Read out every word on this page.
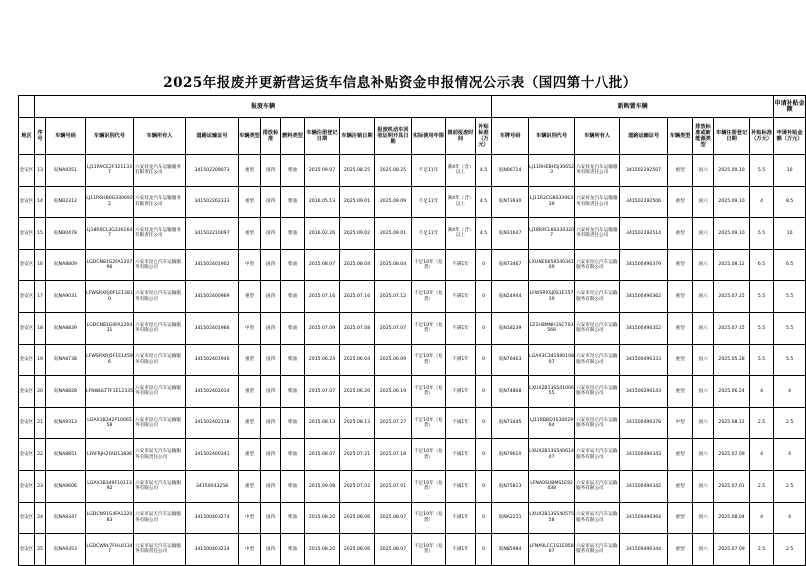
2025年报废并更新营运货车信息补贴资金申报情况公示表（国四第十八批）
	报废车辆														新购置车辆								申请补贴金额
地区	序号	车辆号码	车辆识别代号	车辆所有人	道路运输证号	车辆类型	排放标准	燃料类型	车辆注册登记日期	车辆注销日期	报废机动车回收证明开具日期	实际使用年限	提前报废时间	补贴标准（万元）	车牌号码	车辆识别代号	车辆所有人	道路运输证号	车辆类型	排放标准或新能源类型	车辆注册登记日期	补贴标准（万元）	申请补贴金额（万元）
金安区	13	皖NA9351	LJ11R9CE2F3211337	六安祥龙汽车运输服务有限责任公司	341502209073	重型	国四	柴油	2015.09.07	2025.08.25	2025.08.25	不足11年	满4年（含）以上	4.5	皖N06714	LJ11RHEBH5J306523	六安祥龙汽车运输服务有限责任公司	341502292507	重型	国六	2025.09.10	5.5	10
金安区	14	皖NB2312	LJ11R6HB0G3306922	六安祥龙汽车运输服务有限责任公司	341502262333	重型	国四	柴油	2016.05.13	2025.09.01	2025.09.09	不足11年	满4年（含）以上	4.5	皖N73930	LJ11R2CG8S3306339	六安祥龙汽车运输服务有限责任公司	341502292506	重型	国六	2025.09.10	4	8.5
金安区	15	皖NB0478	LJ18R0CL3G3301647	六安祥龙汽车运输服务有限责任公司	341502210097	重型	国四	柴油	2016.02.26	2025.09.02	2025.09.01	不足11年	满4年（含）以上	4.5	皖N31647	LJ18R4CL8S3303207	六安祥龙汽车运输服务有限责任公司	341502292514	重型	国六	2025.09.10	5.5	10
金安区	16	皖NA8809	LGDCN81G2FA120796	六安市昆仑汽车运输服务有限公司	341502401902	中型	国四	柴油	2015.08.07	2025.08.04	2025.08.04	不足10年（危货）	不满1年	0	皖N73467	LXUNE065954034109	六安市昆仑汽车运输服务有限公司	341500490379	重型	国六	2025.08.12	6.5	6.5
金安区	17	皖NA9031	LFWSRXRJ0F1E13810	六安市昆仑汽车运输服务有限公司	341502400969	重型	国四	柴油	2015.07.16	2025.07.16	2025.07.12	不足10年（危货）	不满1年	0	皖N24944	LFWSRXSJ0S1E15739	六安市昆仑汽车运输服务有限公司	341500490362	重型	国六	2025.07.25	5.5	5.5
金安区	18	皖NA8839	LGDCN81G0FA120431	六安市昆仑汽车运输服务有限公司	341502401966	中型	国四	柴油	2015.07.09	2025.07.08	2025.07.07	不足10年（危货）	不满1年	0	皖N18239	LZ1H8MNH1SC703568	六安市昆仑汽车运输服务有限公司	341500490352	重型	国六	2025.07.15	5.5	5.5
金安区	19	皖NA8738	LFWSRXRJ5F1E14596	六安市昆仑汽车运输服务有限公司	341502401940	重型	国四	柴油	2015.06.24	2025.06.04	2025.06.09	不足10年（危货）	不满1年	0	皖N76403	LGAX3C341S9010807	六安市昆仑汽车运输服务有限公司	341500490333	重型	国六	2025.05.28	5.5	5.5
金安区	20	皖NA8828	LFNI8ULT7F1E12335	六安市昆仑汽车运输服务有限公司	341502402014	重型	国四	柴油	2015.07.07	2025.06.20	2025.06.19	不足10年（危货）	不满1年	0	皖N74808	LXUX2B13S54100655	六安市昆仑汽车运输服务有限公司	341500290143	重型	国六	2025.06.24	4	4
金安区	21	皖NA9313	LGAX3B342F1006558	六安市昆仑汽车运输服务有限公司	341502402118	重型	国四	柴油	2015.08.13	2025.08.13	2025.07.27	不足10年（危货）	不满1年	0	皖N73445	LJ11RBBD1S3002964	六安市昆仑汽车运输服务有限公司	341500490378	中型	国六	2025.08.12	2.5	2.5
金安区	22	皖NA8851	LFAFRJH2FAD13836	六安市辰天汽车运输服务有限责任公司	341502400341	重型	国四	柴油	2015.08.07	2025.07.21	2025.07.18	不足10年（危货）	不满1年	0	皖N79610	LXUX2B13S54061407	六安市辰天汽车运输服务有限公司	341500490343	重型	国六	2025.07.09	4	4
金安区	23	皖NA9606	LGAX3B349F1011392	六安市辰天汽车运输服务有限公司	34150043258	重型	国四	柴油	2015.09.08	2025.07.02	2025.07.01	不足10年（危货）	不满1年	0	皖N75813	LFNA0SUBMS1E92438	六安市辰天汽车运输服务有限公司	341500490342	重型	国六	2025.07.01	2.5	2.5
金安区	24	皖NA9347	LGDCN91G4FA122083	六安市辰天汽车运输服务有限公司	341500403274	中型	国四	柴油	2015.08.20	2025.08.06	2025.08.07	不足10年（危货）	不满1年	0	皖NA2211	LXUX2B13S54057558	六安市辰天汽车运输服务有限公司	341500490364	重型	国六	2025.08.04	4	4
金安区	25	皖NA9353	LGDCW9L7FHL01347	六安市辰天汽车运输服务有限责任公司	341500403234	中型	国四	柴油	2015.08.20	2025.08.06	2025.08.07	不足10年（危货）	不满1年	0	皖N85984	LFNX9LCC1S1E95867	六安市辰天汽车运输服务有限公司	341500490344	重型	国六	2025.07.09	2.5	2.5
